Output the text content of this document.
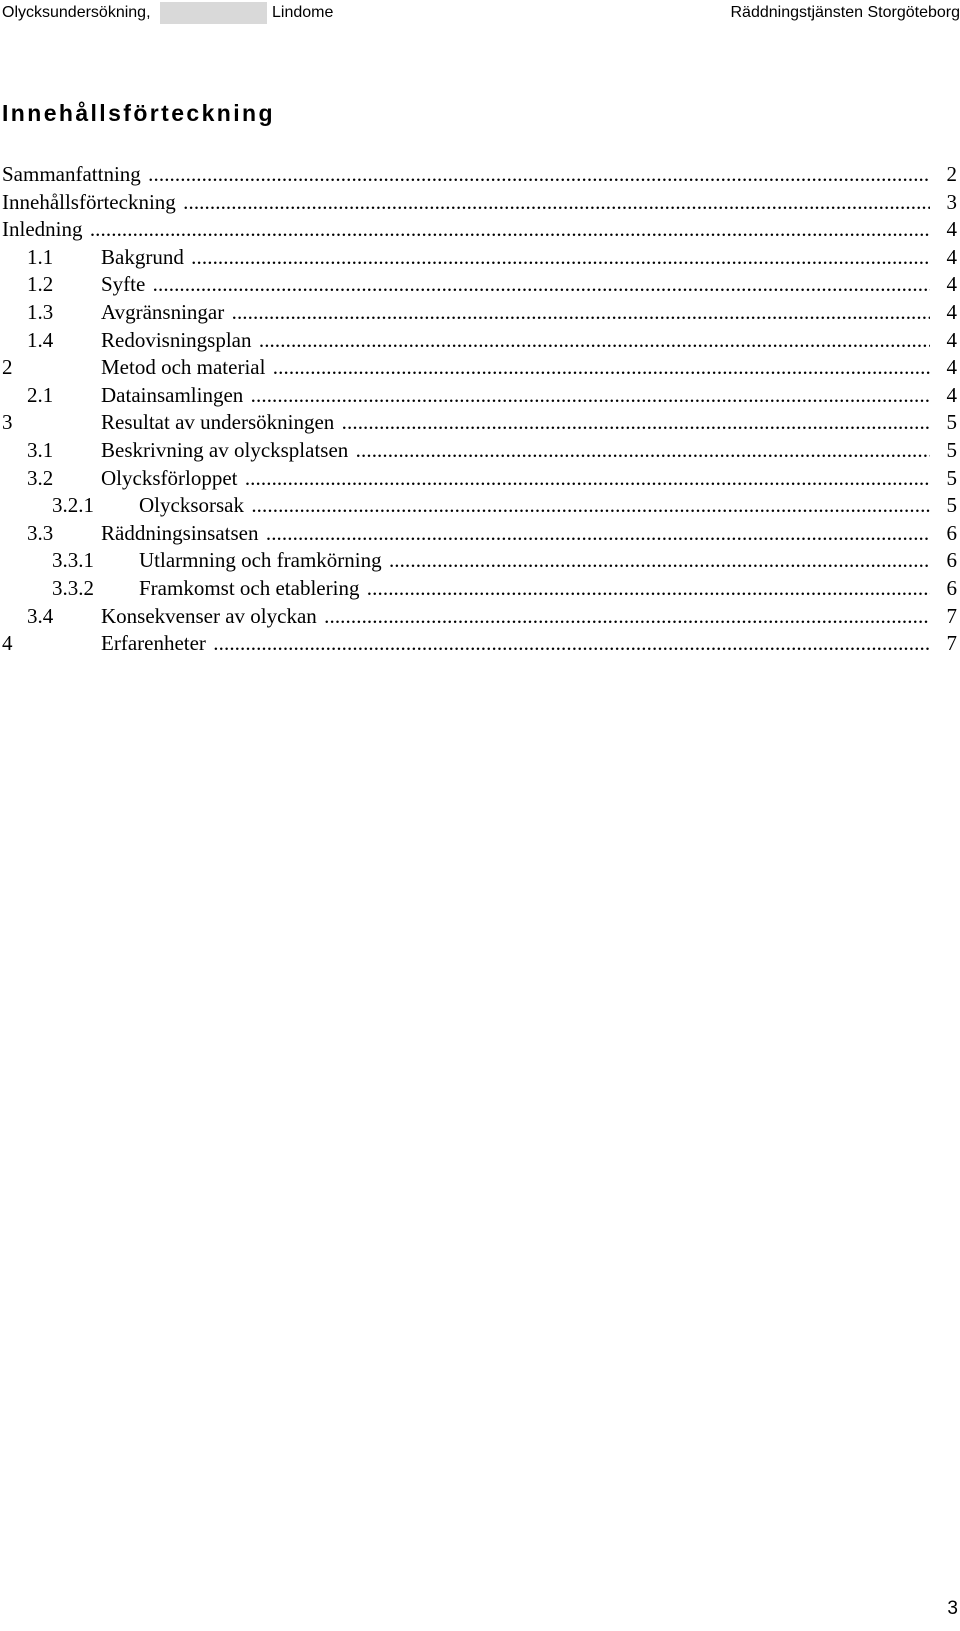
Olycksundersökning,	Lindome	Räddningstjänsten Storgöteborg
Innehållsförteckning
Sammanfattning .....	2
Innehållsförteckning .....	3
Inledning .....	4
1.1 Bakgrund .....	4
1.2 Syfte .....	4
1.3 Avgränsningar .....	4
1.4 Redovisningsplan .....	4
2	Metod och material .....	4
2.1 Datainsamlingen .....	4
3	Resultat av undersökningen .....	5
3.1 Beskrivning av olycksplatsen .....	5
3.2 Olycksförloppet .....	5
3.2.1 Olycksorsak .....	5
3.3 Räddningsinsatsen .....	6
3.3.1 Utlarmning och framkörning .....	6
3.3.2 Framkomst och etablering .....	6
3.4 Konsekvenser av olyckan .....	7
4	Erfarenheter .....	7
3
